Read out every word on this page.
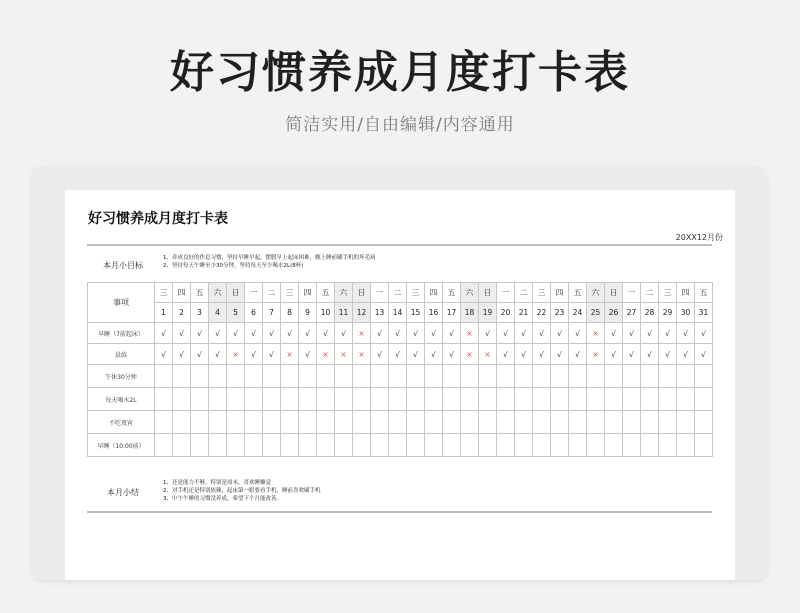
好习惯养成月度打卡表
简洁实用/自由编辑/内容通用
好习惯养成月度打卡表
20XX12月份
本月小目标
1、养成良好的作息习惯，坚持早睡早起，摆脱早上起床困难，晚上睡前刷手机的坏毛病
2、坚持每天午睡至少30分钟，坚持每天至少喝水2L(8杯)
事项	三	四	五	六	日	一	二	三	四	五	六	日	一	二	三	四	五	六	日	一	二	三	四	五	六	日	一	二	三	四	五
	1	2	3	4	5	6	7	8	9	10	11	12	13	14	15	16	17	18	19	20	21	22	23	24	25	26	27	28	29	30	31
早睡（7前起床）	√	√	√	√	√	√	√	√	√	√	√	×	√	√	√	√	√	×	√	√	√	√	√	√	×	√	√	√	√	√	√
晨练	√	√	√	√	×	√	√	×	√	×	×	×	√	√	√	√	√	×	×	√	√	√	√	√	×	√	√	√	√	√	√
午休30分钟																															
每天喝水2L																															
不吃夜宵																															
早睡（10:00前）																															
本月小结
1、还是能力不够，特别是周末，喜欢睡懒觉
2、对手机还是特别依赖，起床第一眼要看手机，睡前喜欢刷手机
3、中午午睡的习惯没养成，希望下个月能改善。
